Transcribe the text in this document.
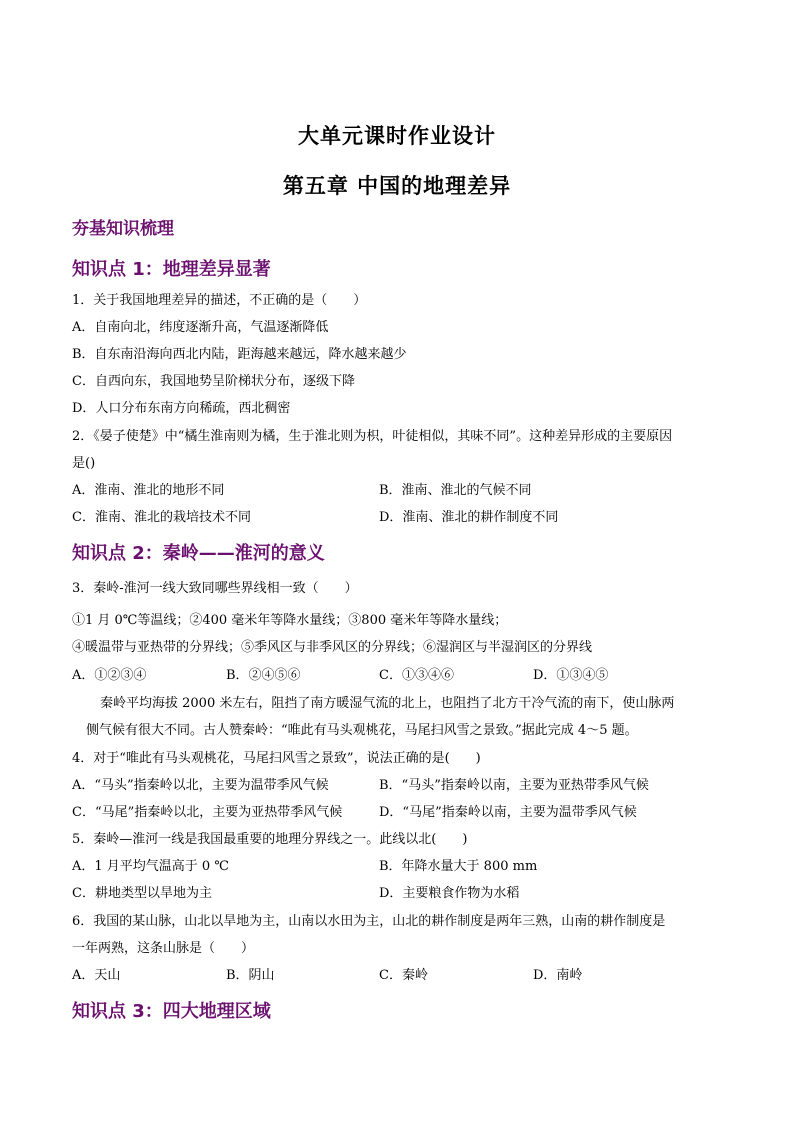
大单元课时作业设计
第五章 中国的地理差异
夯基知识梳理
知识点 1：地理差异显著
1．关于我国地理差异的描述，不正确的是（　　）
A．自南向北，纬度逐渐升高，气温逐渐降低
B．自东南沿海向西北内陆，距海越来越远，降水越来越少
C．自西向东，我国地势呈阶梯状分布，逐级下降
D．人口分布东南方向稀疏，西北稠密
2．《晏子使楚》中“橘生淮南则为橘，生于淮北则为枳，叶徒相似，其味不同”。这种差异形成的主要原因
是()
A．淮南、淮北的地形不同	B．淮南、淮北的气候不同
C．淮南、淮北的栽培技术不同	D．淮南、淮北的耕作制度不同
知识点 2：秦岭——淮河的意义
3．秦岭-淮河一线大致同哪些界线相一致（　　）
①1 月 0℃等温线；②400 毫米年等降水量线；③800 毫米年等降水量线；
④暖温带与亚热带的分界线；⑤季风区与非季风区的分界线；⑥湿润区与半湿润区的分界线
A．①②③④	B．②④⑤⑥	C．①③④⑥	D．①③④⑤
秦岭平均海拔 2000 米左右，阻挡了南方暖湿气流的北上，也阻挡了北方干冷气流的南下，使山脉两
侧气候有很大不同。古人赞秦岭：“唯此有马头观桃花，马尾扫风雪之景致。”据此完成 4～5 题。
4．对于“唯此有马头观桃花，马尾扫风雪之景致”，说法正确的是(　　)
A．“马头”指秦岭以北，主要为温带季风气候	B．“马头”指秦岭以南，主要为亚热带季风气候
C．“马尾”指秦岭以北，主要为亚热带季风气候	D．“马尾”指秦岭以南，主要为温带季风气候
5．秦岭—淮河一线是我国最重要的地理分界线之一。此线以北(　　)
A．1 月平均气温高于 0 ℃	B．年降水量大于 800 mm
C．耕地类型以旱地为主	D．主要粮食作物为水稻
6．我国的某山脉，山北以旱地为主，山南以水田为主，山北的耕作制度是两年三熟，山南的耕作制度是
一年两熟，这条山脉是（　　）
A．天山	B．阴山	C．秦岭	D．南岭
知识点 3：四大地理区域
